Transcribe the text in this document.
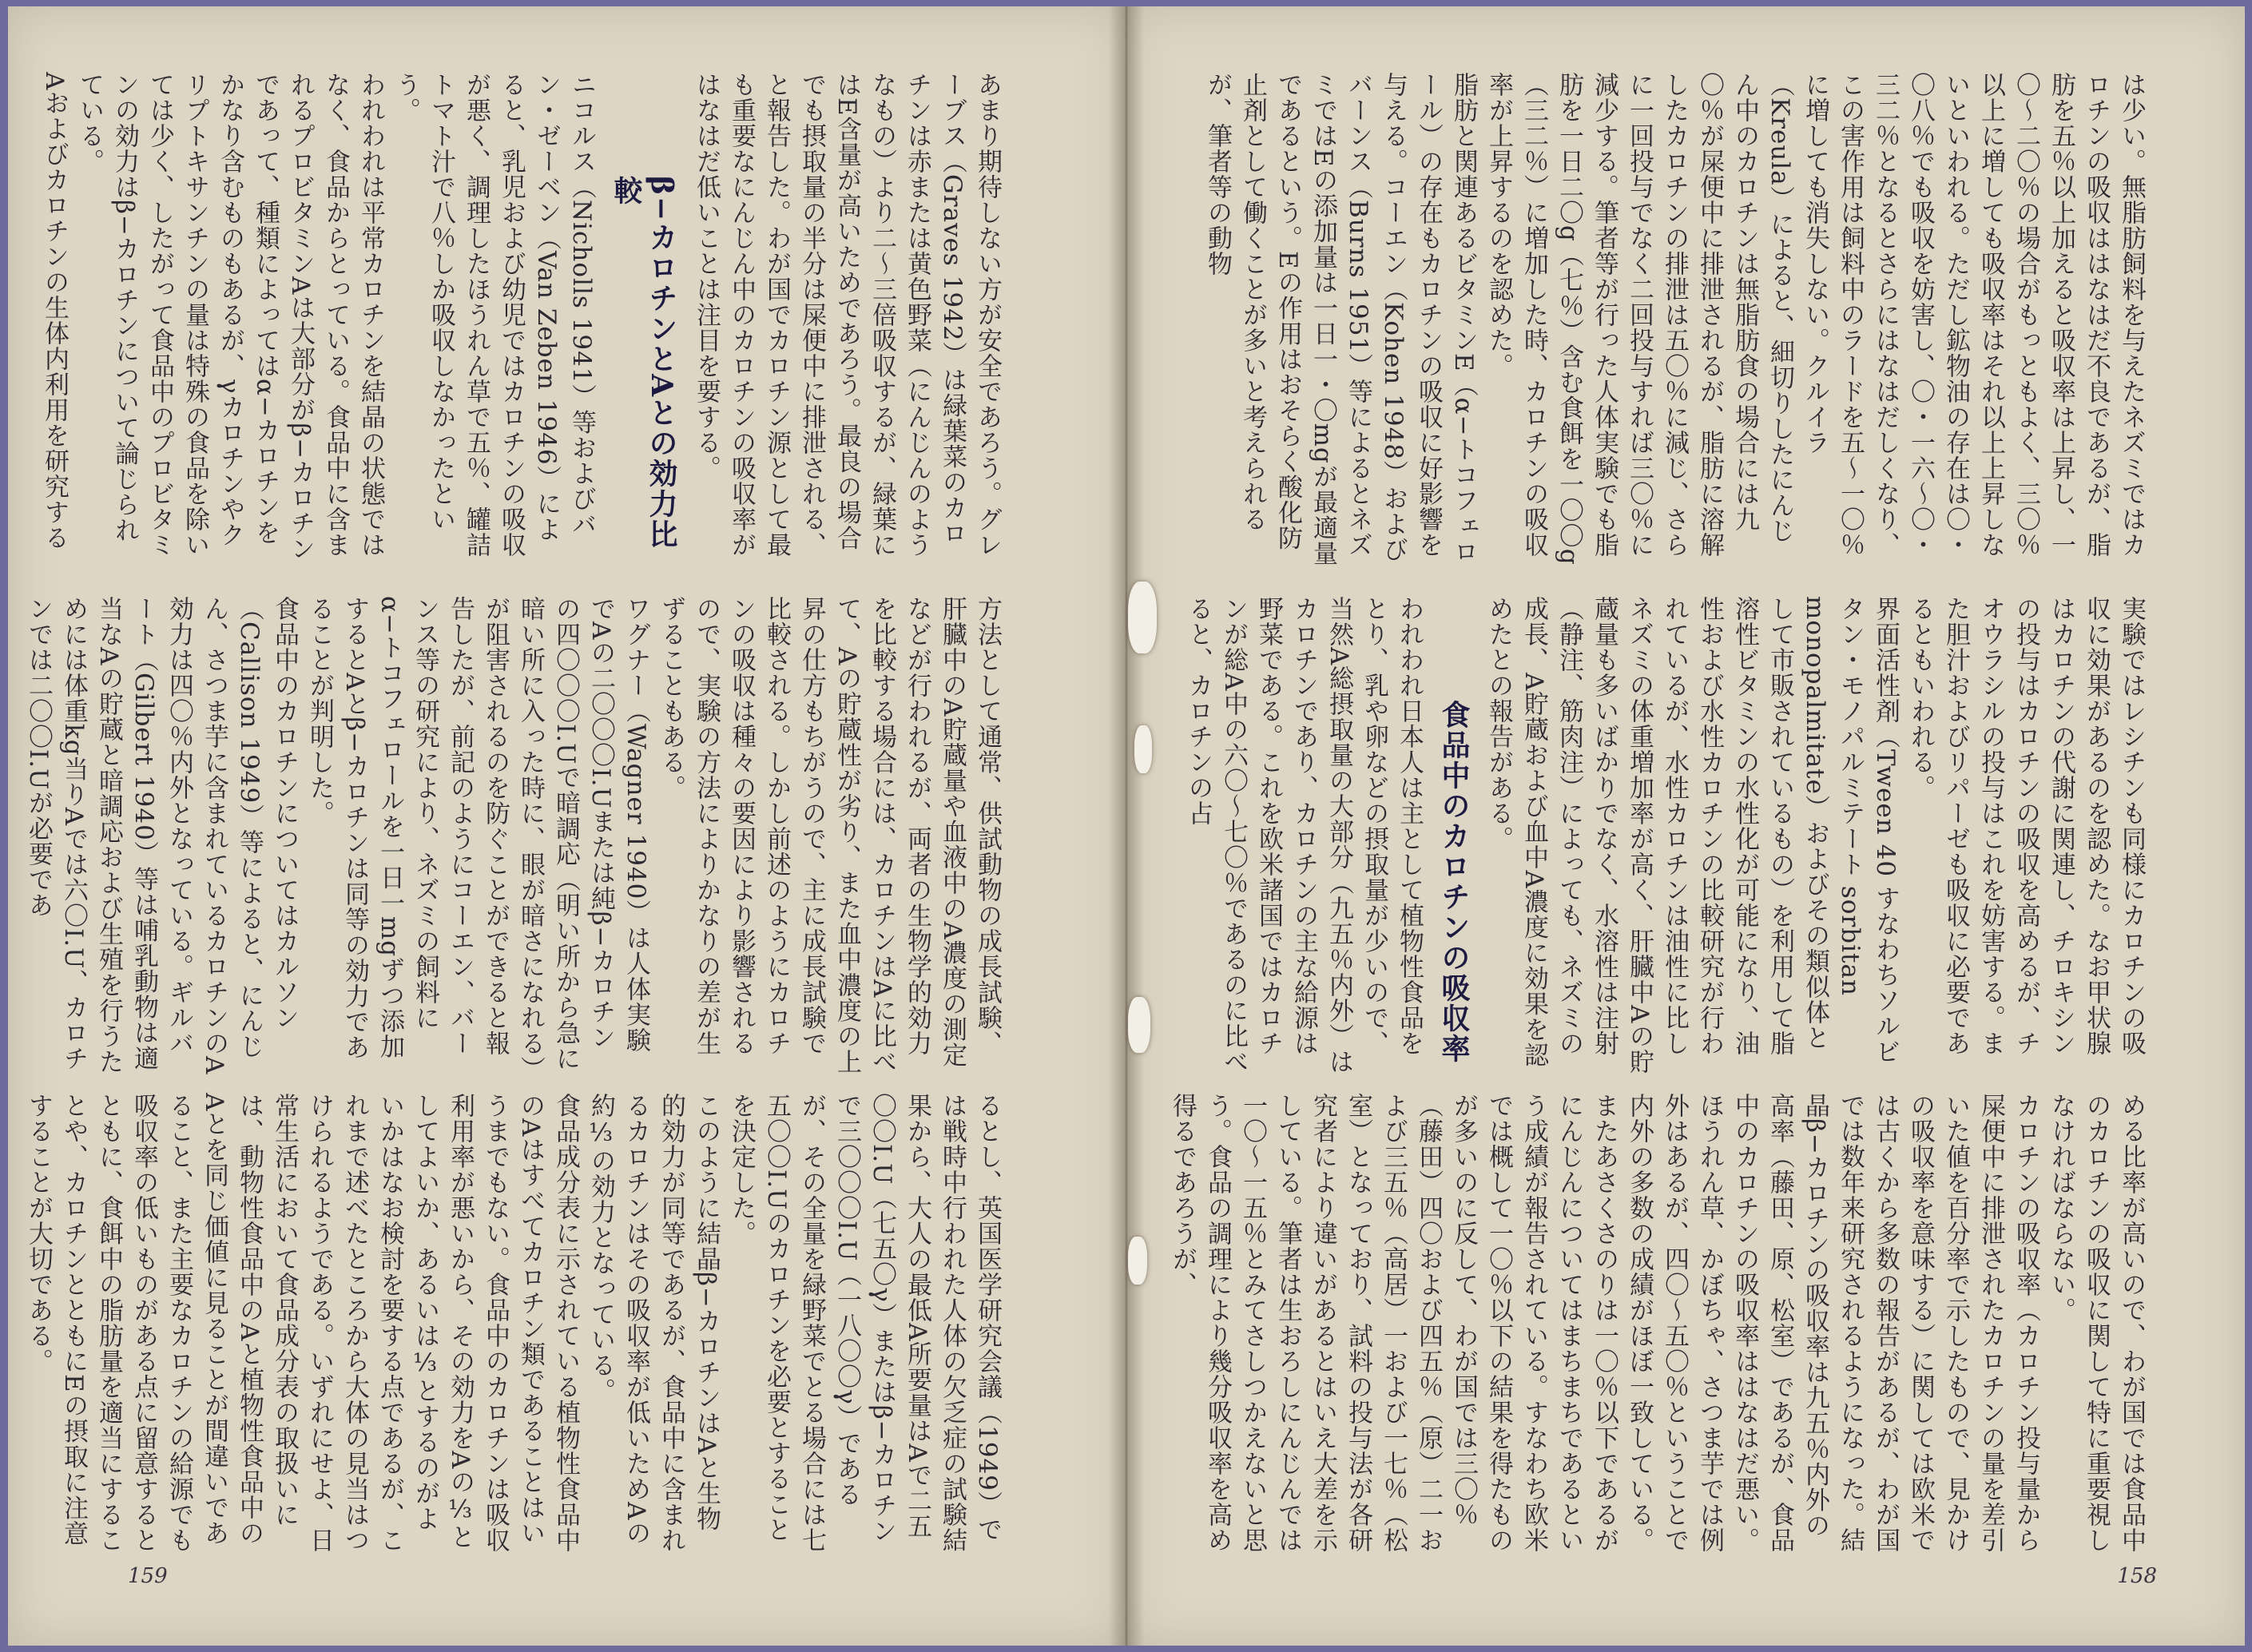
あまり期待しない方が安全であろう。グレーブス（Graves 1942）は緑葉菜のカロチンは赤または黄色野菜（にんじんのようなもの）より二〜三倍吸収するが、緑葉にはE含量が高いためであろう。最良の場合でも摂取量の半分は屎便中に排泄される、と報告した。わが国でカロチン源として最も重要なにんじん中のカロチンの吸収率がはなはだ低いことは注目を要する。

β−カロチンとAとの効力比較

ニコルス（Nicholls 1941）等およびバン・ゼーベン（Van Zeben 1946）によると、乳児および幼児ではカロチンの吸収が悪く、調理したほうれん草で五％、罐詰トマト汁で八％しか吸収しなかったという。

われわれは平常カロチンを結晶の状態ではなく、食品からとっている。食品中に含まれるプロビタミンAは大部分がβ−カロチンであって、種類によってはα−カロチンをかなり含むものもあるが、γカロチンやクリプトキサンチンの量は特殊の食品を除いては少く、したがって食品中のプロビタミンの効力はβ−カロチンについて論じられている。

Aおよびカロチンの生体内利用を研究する

方法として通常、供試動物の成長試験、肝臓中のA貯蔵量や血液中のA濃度の測定などが行われるが、両者の生物学的効力を比較する場合には、カロチンはAに比べて、Aの貯蔵性が劣り、また血中濃度の上昇の仕方もちがうので、主に成長試験で比較される。しかし前述のようにカロチンの吸収は種々の要因により影響されるので、実験の方法によりかなりの差が生ずることもある。

ワグナー（Wagner 1940）は人体実験でAの二〇〇〇I.Uまたは純β−カロチンの四〇〇〇I.Uで暗調応（明い所から急に暗い所に入った時に、眼が暗さになれる）が阻害されるのを防ぐことができると報告したが、前記のようにコーエン、バーンス等の研究により、ネズミの飼料にα−トコフェロールを一日一mgずつ添加するとAとβ−カロチンは同等の効力であることが判明した。

食品中のカロチンについてはカルソン（Callison 1949）等によると、にんじん、さつま芋に含まれているカロチンのA効力は四〇％内外となっている。ギルバート（Gilbert 1940）等は哺乳動物は適当なAの貯蔵と暗調応および生殖を行うためには体重kg当りAでは六〇I.U、カロチンでは二〇〇I.Uが必要であ

るとし、英国医学研究会議（1949）では戦時中行われた人体の欠乏症の試験結果から、大人の最低A所要量はAで二五〇〇I.U（七五〇γ）またはβ−カロチンで三〇〇〇I.U（一八〇〇γ）であるが、その全量を緑野菜でとる場合には七五〇〇I.Uのカロチンを必要とすることを決定した。

このように結晶β−カロチンはAと生物的効力が同等であるが、食品中に含まれるカロチンはその吸収率が低いためAの約⅓の効力となっている。

食品成分表に示されている植物性食品中のAはすべてカロチン類であることはいうまでもない。食品中のカロチンは吸収利用率が悪いから、その効力をAの⅓としてよいか、あるいは⅓とするのがよいかはなお検討を要する点であるが、これまで述べたところから大体の見当はつけられるようである。いずれにせよ、日常生活において食品成分表の取扱いには、動物性食品中のAと植物性食品中のAとを同じ価値に見ることが間違いであること、また主要なカロチンの給源でも吸収率の低いものがある点に留意するとともに、食餌中の脂肪量を適当にすることや、カロチンとともにEの摂取に注意することが大切である。

159

は少い。無脂肪飼料を与えたネズミではカロチンの吸収ははなはだ不良であるが、脂肪を五％以上加えると吸収率は上昇し、一〇〜二〇％の場合がもっともよく、三〇％以上に増しても吸収率はそれ以上上昇しないといわれる。ただし鉱物油の存在は〇・〇八％でも吸収を妨害し、〇・一六〜〇・三二％となるとさらにはなはだしくなり、この害作用は飼料中のラードを五〜一〇％に増しても消失しない。クルイラ（Kreula）によると、細切りしたにんじん中のカロチンは無脂肪食の場合には九〇％が屎便中に排泄されるが、脂肪に溶解したカロチンの排泄は五〇％に減じ、さらに一回投与でなく二回投与すれば三〇％に減少する。筆者等が行った人体実験でも脂肪を一日二〇g（七％）含む食餌を一〇〇g（三二％）に増加した時、カロチンの吸収率が上昇するのを認めた。

脂肪と関連あるビタミンE（α−トコフェロール）の存在もカロチンの吸収に好影響を与える。コーエン（Kohen 1948）およびバーンス（Burns 1951）等によるとネズミではEの添加量は一日一・〇mgが最適量であるという。Eの作用はおそらく酸化防止剤として働くことが多いと考えられるが、筆者等の動物

実験ではレシチンも同様にカロチンの吸収に効果があるのを認めた。なお甲状腺はカロチンの代謝に関連し、チロキシンの投与はカロチンの吸収を高めるが、チオウラシルの投与はこれを妨害する。また胆汁およびリパーゼも吸収に必要であるともいわれる。

界面活性剤（Tween 40 すなわちソルビタン・モノパルミテート sorbitan monopalmitate）およびその類似体として市販されているもの）を利用して脂溶性ビタミンの水性化が可能になり、油性および水性カロチンの比較研究が行われているが、水性カロチンは油性に比しネズミの体重増加率が高く、肝臓中Aの貯蔵量も多いばかりでなく、水溶性は注射（静注、筋肉注）によっても、ネズミの成長、A貯蔵および血中A濃度に効果を認めたとの報告がある。

食品中のカロチンの吸収率

われわれ日本人は主として植物性食品をとり、乳や卵などの摂取量が少いので、当然A総摂取量の大部分（九五％内外）はカロチンであり、カロチンの主な給源は野菜である。これを欧米諸国ではカロチンが総A中の六〇〜七〇％であるのに比べると、カロチンの占

める比率が高いので、わが国では食品中のカロチンの吸収に関して特に重要視しなければならない。

カロチンの吸収率（カロチン投与量から屎便中に排泄されたカロチンの量を差引いた値を百分率で示したもので、見かけの吸収率を意味する）に関しては欧米では古くから多数の報告があるが、わが国では数年来研究されるようになった。結晶β−カロチンの吸収率は九五％内外の高率（藤田、原、松室）であるが、食品中のカロチンの吸収率ははなはだ悪い。ほうれん草、かぼちゃ、さつま芋では例外はあるが、四〇〜五〇％ということで内外の多数の成績がほぼ一致している。またあさくさのりは一〇％以下であるがにんじんについてはまちまちであるという成績が報告されている。すなわち欧米では概して一〇％以下の結果を得たものが多いのに反して、わが国では三〇％（藤田）四〇および四五％（原）二一および三五％（高居）一および一七％（松室）となっており、試料の投与法が各研究者により違いがあるとはいえ大差を示している。筆者は生おろしにんじんでは一〇〜一五％とみてさしつかえないと思う。食品の調理により幾分吸収率を高め得るであろうが、

158
